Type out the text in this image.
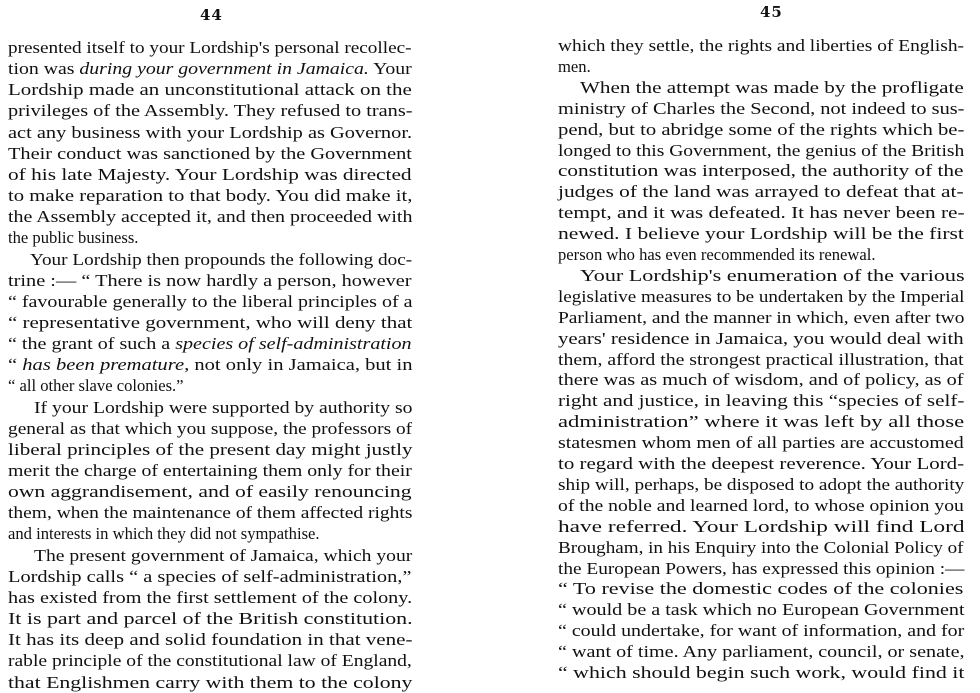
44
presented itself to your Lordship's personal recollec-
tion was during your government in Jamaica. Your
Lordship made an unconstitutional attack on the
privileges of the Assembly. They refused to trans-
act any business with your Lordship as Governor.
Their conduct was sanctioned by the Government
of his late Majesty. Your Lordship was directed
to make reparation to that body. You did make it,
the Assembly accepted it, and then proceeded with
the public business.
Your Lordship then propounds the following doc-
trine :— “ There is now hardly a person, however
“ favourable generally to the liberal principles of a
“ representative government, who will deny that
“ the grant of such a species of self-administration
“ has been premature, not only in Jamaica, but in
“ all other slave colonies.”
If your Lordship were supported by authority so
general as that which you suppose, the professors of
liberal principles of the present day might justly
merit the charge of entertaining them only for their
own aggrandisement, and of easily renouncing
them, when the maintenance of them affected rights
and interests in which they did not sympathise.
The present government of Jamaica, which your
Lordship calls “ a species of self-administration,”
has existed from the first settlement of the colony.
It is part and parcel of the British constitution.
It has its deep and solid foundation in that vene-
rable principle of the constitutional law of England,
that Englishmen carry with them to the colony
45
which they settle, the rights and liberties of English-
men.
When the attempt was made by the profligate
ministry of Charles the Second, not indeed to sus-
pend, but to abridge some of the rights which be-
longed to this Government, the genius of the British
constitution was interposed, the authority of the
judges of the land was arrayed to defeat that at-
tempt, and it was defeated. It has never been re-
newed. I believe your Lordship will be the first
person who has even recommended its renewal.
Your Lordship's enumeration of the various
legislative measures to be undertaken by the Imperial
Parliament, and the manner in which, even after two
years' residence in Jamaica, you would deal with
them, afford the strongest practical illustration, that
there was as much of wisdom, and of policy, as of
right and justice, in leaving this “species of self-
administration” where it was left by all those
statesmen whom men of all parties are accustomed
to regard with the deepest reverence. Your Lord-
ship will, perhaps, be disposed to adopt the authority
of the noble and learned lord, to whose opinion you
have referred. Your Lordship will find Lord
Brougham, in his Enquiry into the Colonial Policy of
the European Powers, has expressed this opinion :—
“ To revise the domestic codes of the colonies
“ would be a task which no European Government
“ could undertake, for want of information, and for
“ want of time. Any parliament, council, or senate,
“ which should begin such work, would find it
